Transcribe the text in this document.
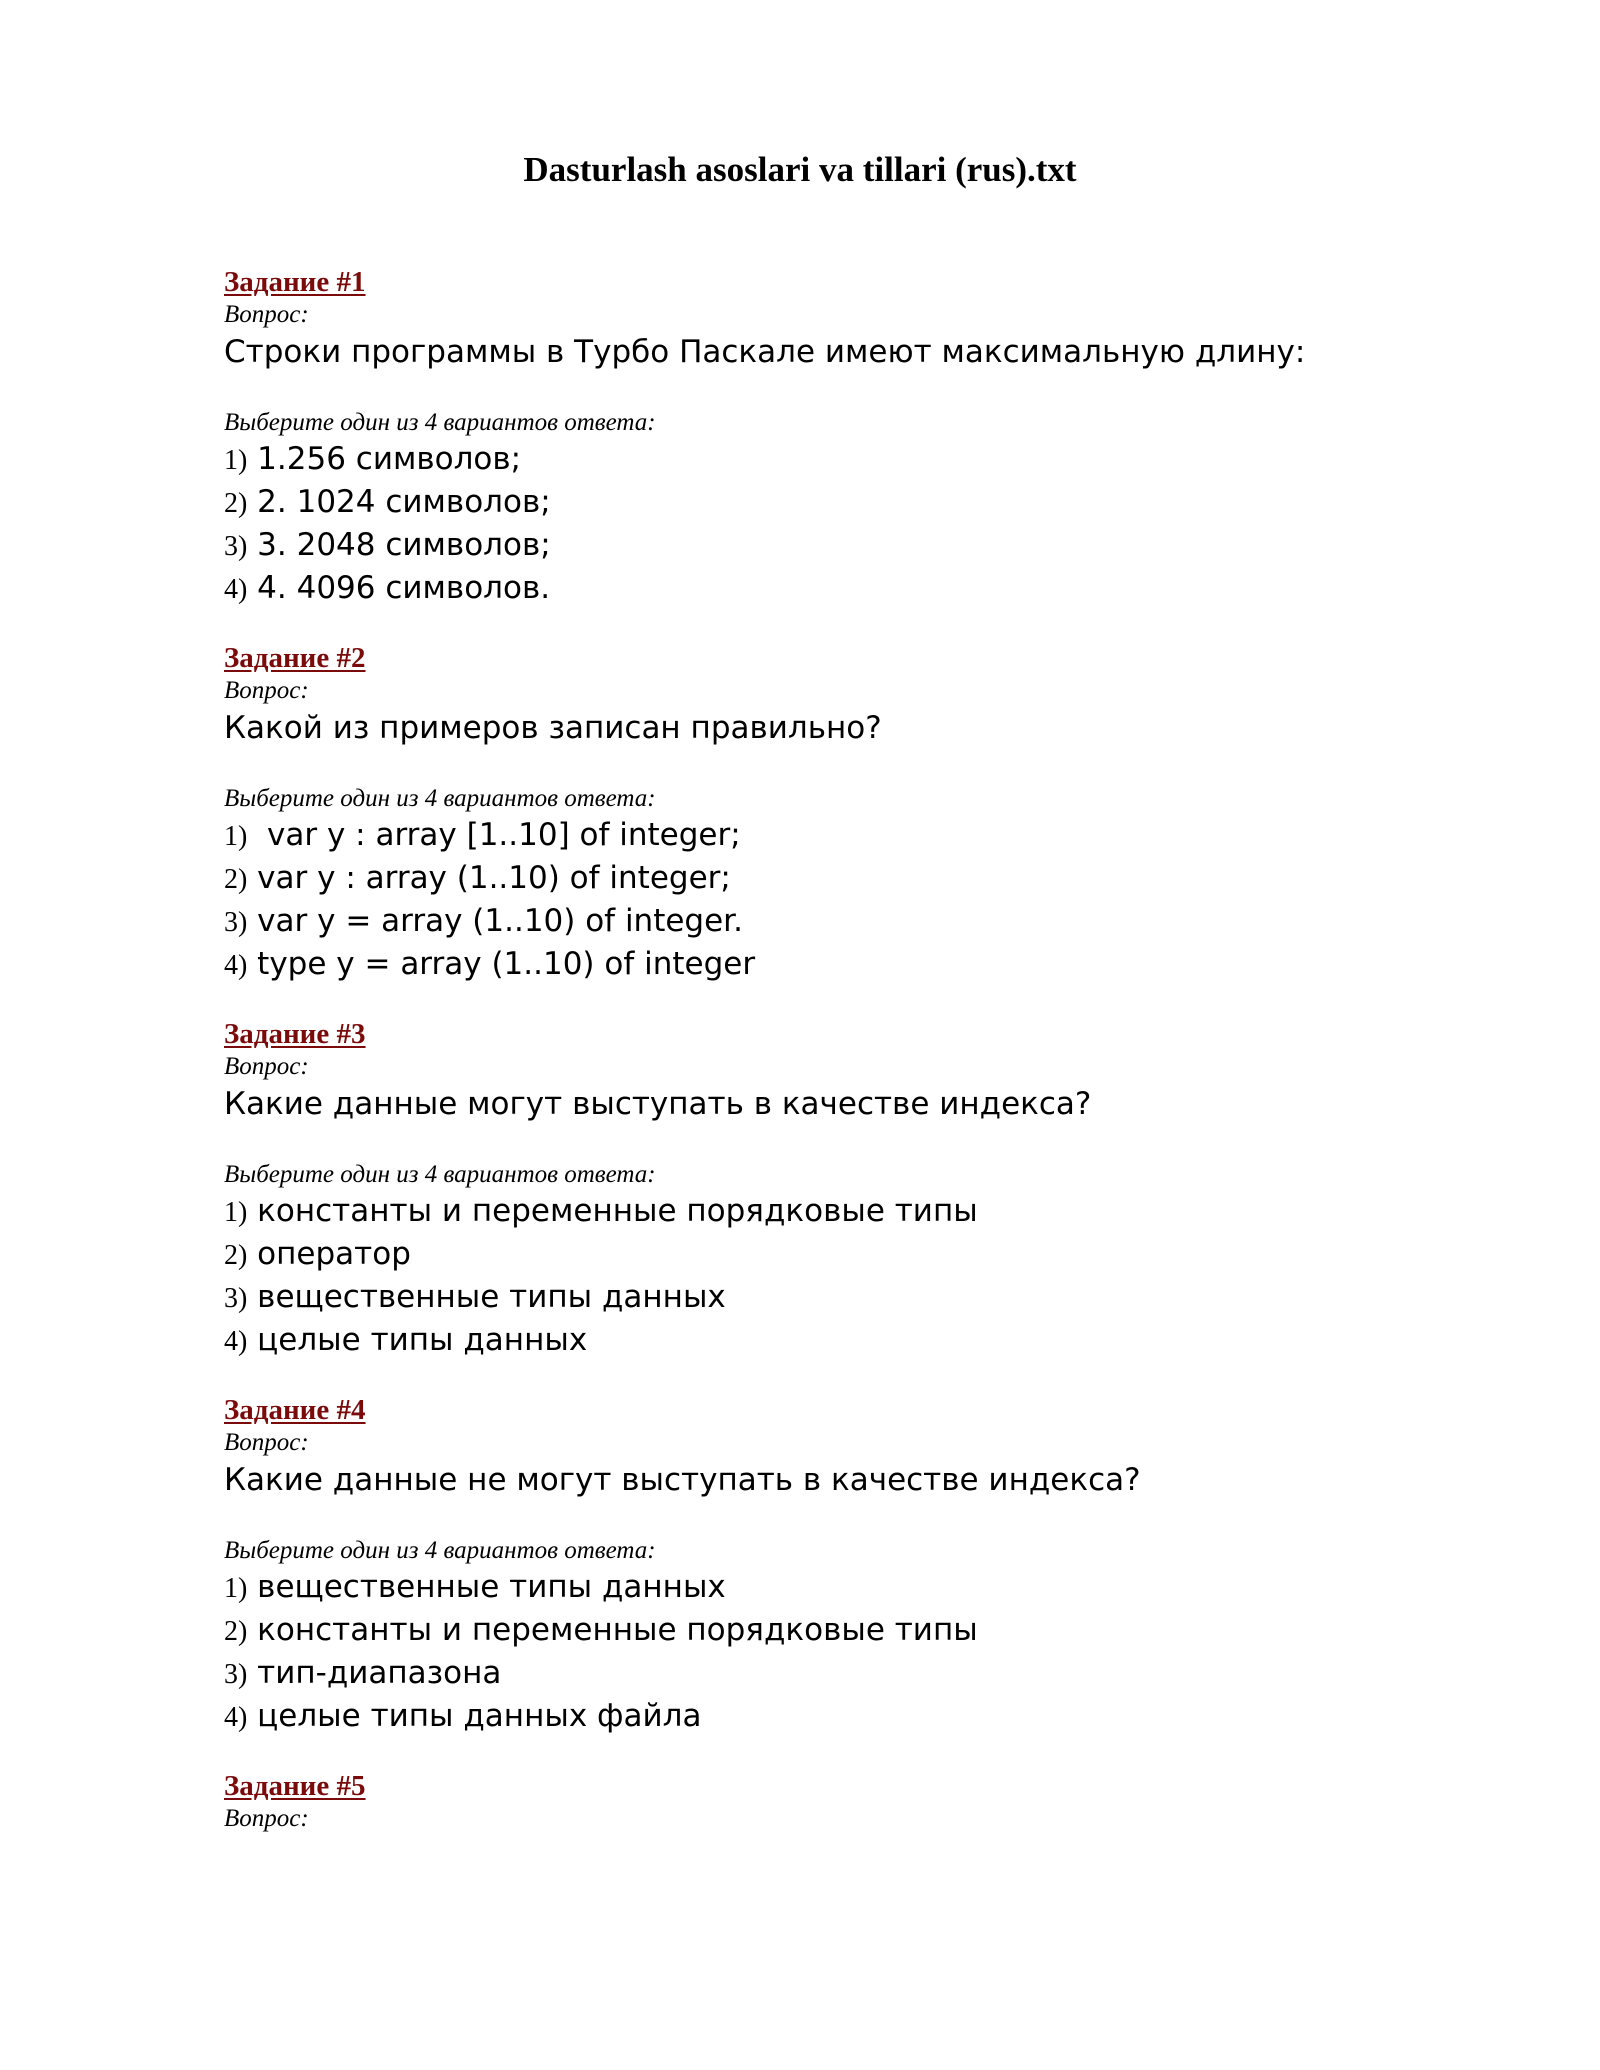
Dasturlash asoslari va tillari (rus).txt
Задание #1
Вопрос:
Строки программы в Турбо Паскале имеют максимальную длину:
Выберите один из 4 вариантов ответа:
1) 1.256 символов;
2) 2. 1024 символов;
3) 3. 2048 символов;
4) 4. 4096 символов.
Задание #2
Вопрос:
Какой из примеров записан правильно?
Выберите один из 4 вариантов ответа:
1)  var y : array [1..10] of integer;
2) var y : array (1..10) of integer;
3) var y = array (1..10) of integer.
4) type y = array (1..10) of integer
Задание #3
Вопрос:
Какие данные могут выступать в качестве индекса?
Выберите один из 4 вариантов ответа:
1) константы и переменные порядковые типы
2) оператор
3) вещественные типы данных
4) целые типы данных
Задание #4
Вопрос:
Какие данные не могут выступать в качестве индекса?
Выберите один из 4 вариантов ответа:
1) вещественные типы данных
2) константы и переменные порядковые типы
3) тип-диапазона
4) целые типы данных файла
Задание #5
Вопрос:
